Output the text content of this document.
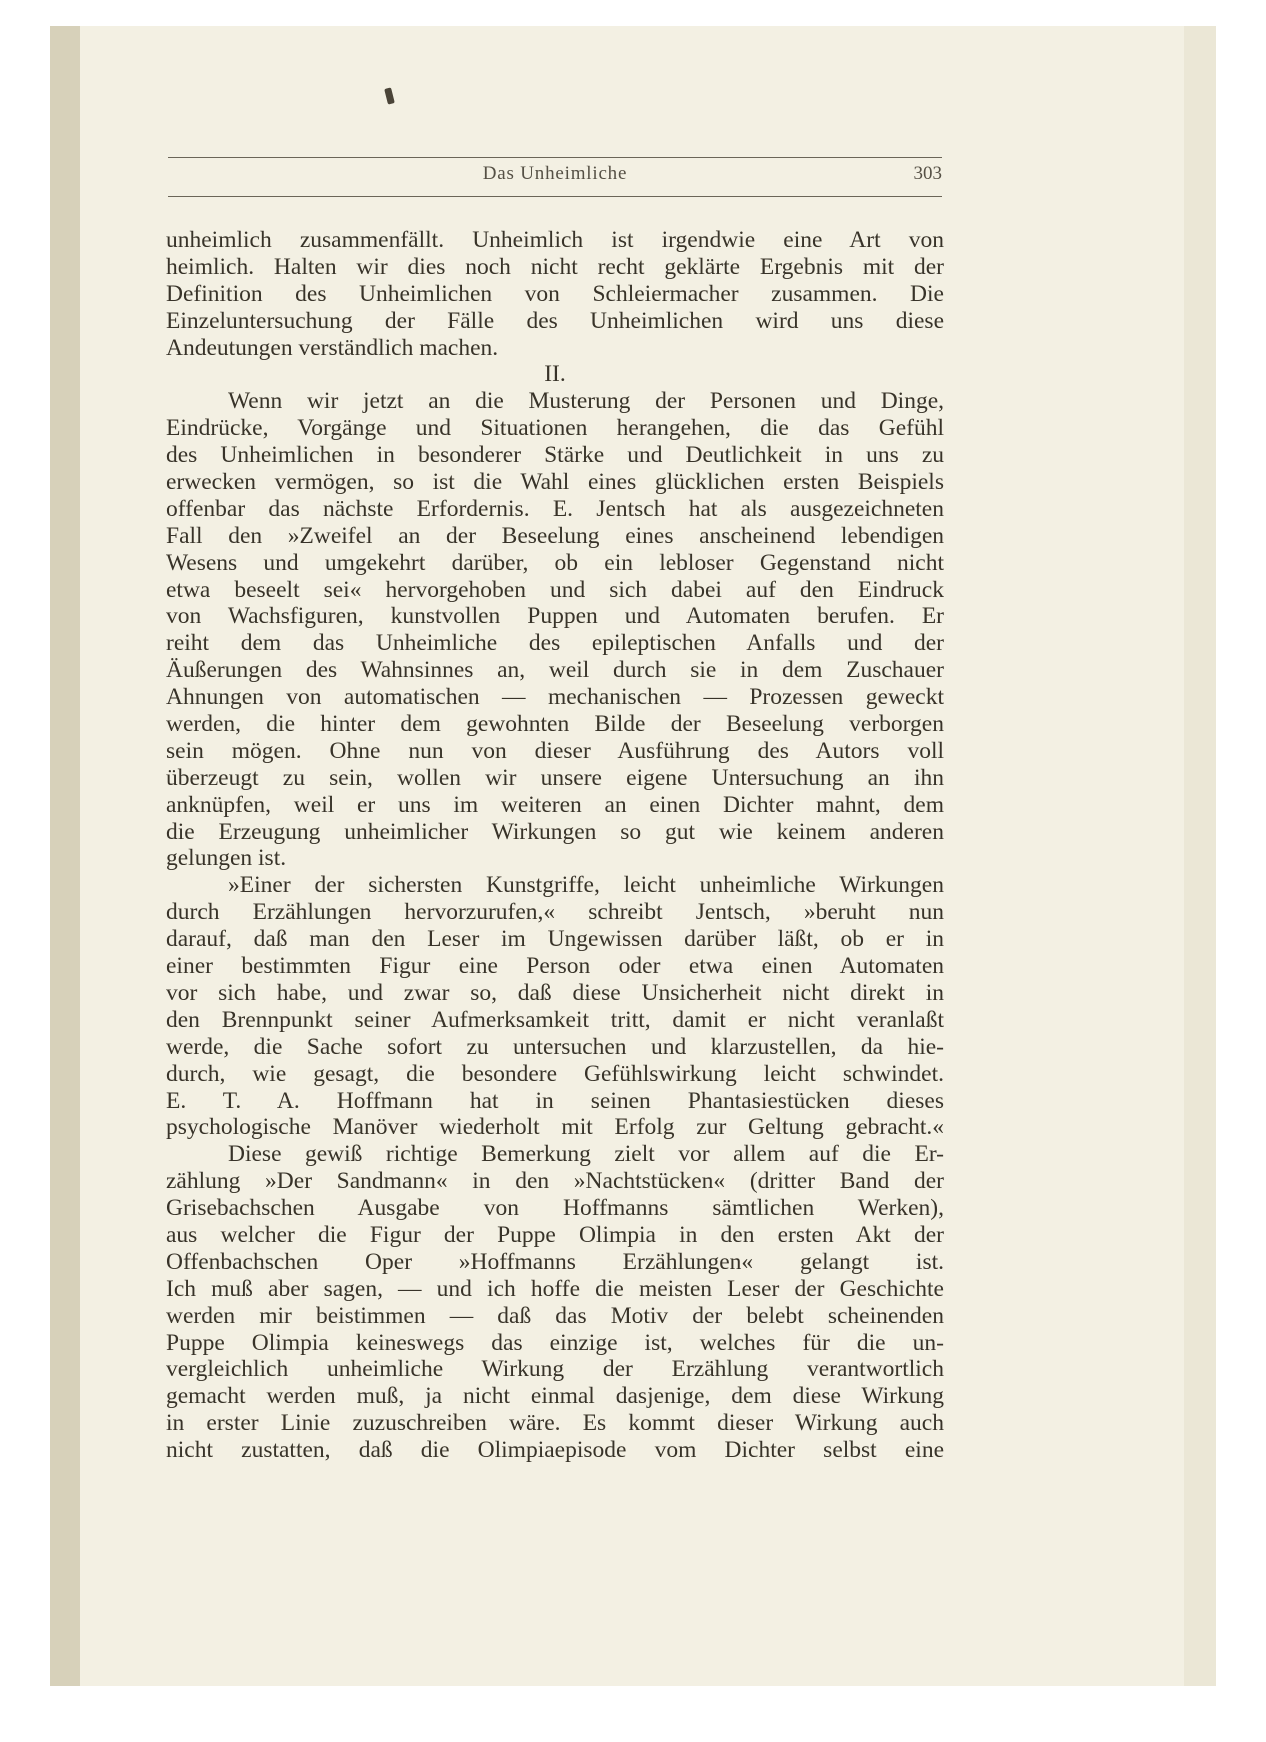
Das Unheimliche	303
unheimlich zusammenfällt. Unheimlich ist irgendwie eine Art von
heimlich. Halten wir dies noch nicht recht geklärte Ergebnis mit der
Definition des Unheimlichen von Schleiermacher zusammen. Die
Einzeluntersuchung der Fälle des Unheimlichen wird uns diese
Andeutungen verständlich machen.
II.
Wenn wir jetzt an die Musterung der Personen und Dinge,
Eindrücke, Vorgänge und Situationen herangehen, die das Gefühl
des Unheimlichen in besonderer Stärke und Deutlichkeit in uns zu
erwecken vermögen, so ist die Wahl eines glücklichen ersten Beispiels
offenbar das nächste Erfordernis. E. Jentsch hat als ausgezeichneten
Fall den »Zweifel an der Beseelung eines anscheinend lebendigen
Wesens und umgekehrt darüber, ob ein lebloser Gegenstand nicht
etwa beseelt sei« hervorgehoben und sich dabei auf den Eindruck
von Wachsfiguren, kunstvollen Puppen und Automaten berufen. Er
reiht dem das Unheimliche des epileptischen Anfalls und der
Äußerungen des Wahnsinnes an, weil durch sie in dem Zuschauer
Ahnungen von automatischen — mechanischen — Prozessen geweckt
werden, die hinter dem gewohnten Bilde der Beseelung verborgen
sein mögen. Ohne nun von dieser Ausführung des Autors voll
überzeugt zu sein, wollen wir unsere eigene Untersuchung an ihn
anknüpfen, weil er uns im weiteren an einen Dichter mahnt, dem
die Erzeugung unheimlicher Wirkungen so gut wie keinem anderen
gelungen ist.
»Einer der sichersten Kunstgriffe, leicht unheimliche Wirkungen
durch Erzählungen hervorzurufen,« schreibt Jentsch, »beruht nun
darauf, daß man den Leser im Ungewissen darüber läßt, ob er in
einer bestimmten Figur eine Person oder etwa einen Automaten
vor sich habe, und zwar so, daß diese Unsicherheit nicht direkt in
den Brennpunkt seiner Aufmerksamkeit tritt, damit er nicht veranlaßt
werde, die Sache sofort zu untersuchen und klarzustellen, da hie-
durch, wie gesagt, die besondere Gefühlswirkung leicht schwindet.
E. T. A. Hoffmann hat in seinen Phantasiestücken dieses
psychologische Manöver wiederholt mit Erfolg zur Geltung gebracht.«
Diese gewiß richtige Bemerkung zielt vor allem auf die Er-
zählung »Der Sandmann« in den »Nachtstücken« (dritter Band der
Grisebachschen Ausgabe von Hoffmanns sämtlichen Werken),
aus welcher die Figur der Puppe Olimpia in den ersten Akt der
Offenbachschen Oper »Hoffmanns Erzählungen« gelangt ist.
Ich muß aber sagen, — und ich hoffe die meisten Leser der Geschichte
werden mir beistimmen — daß das Motiv der belebt scheinenden
Puppe Olimpia keineswegs das einzige ist, welches für die un-
vergleichlich unheimliche Wirkung der Erzählung verantwortlich
gemacht werden muß, ja nicht einmal dasjenige, dem diese Wirkung
in erster Linie zuzuschreiben wäre. Es kommt dieser Wirkung auch
nicht zustatten, daß die Olimpiaepisode vom Dichter selbst eine
